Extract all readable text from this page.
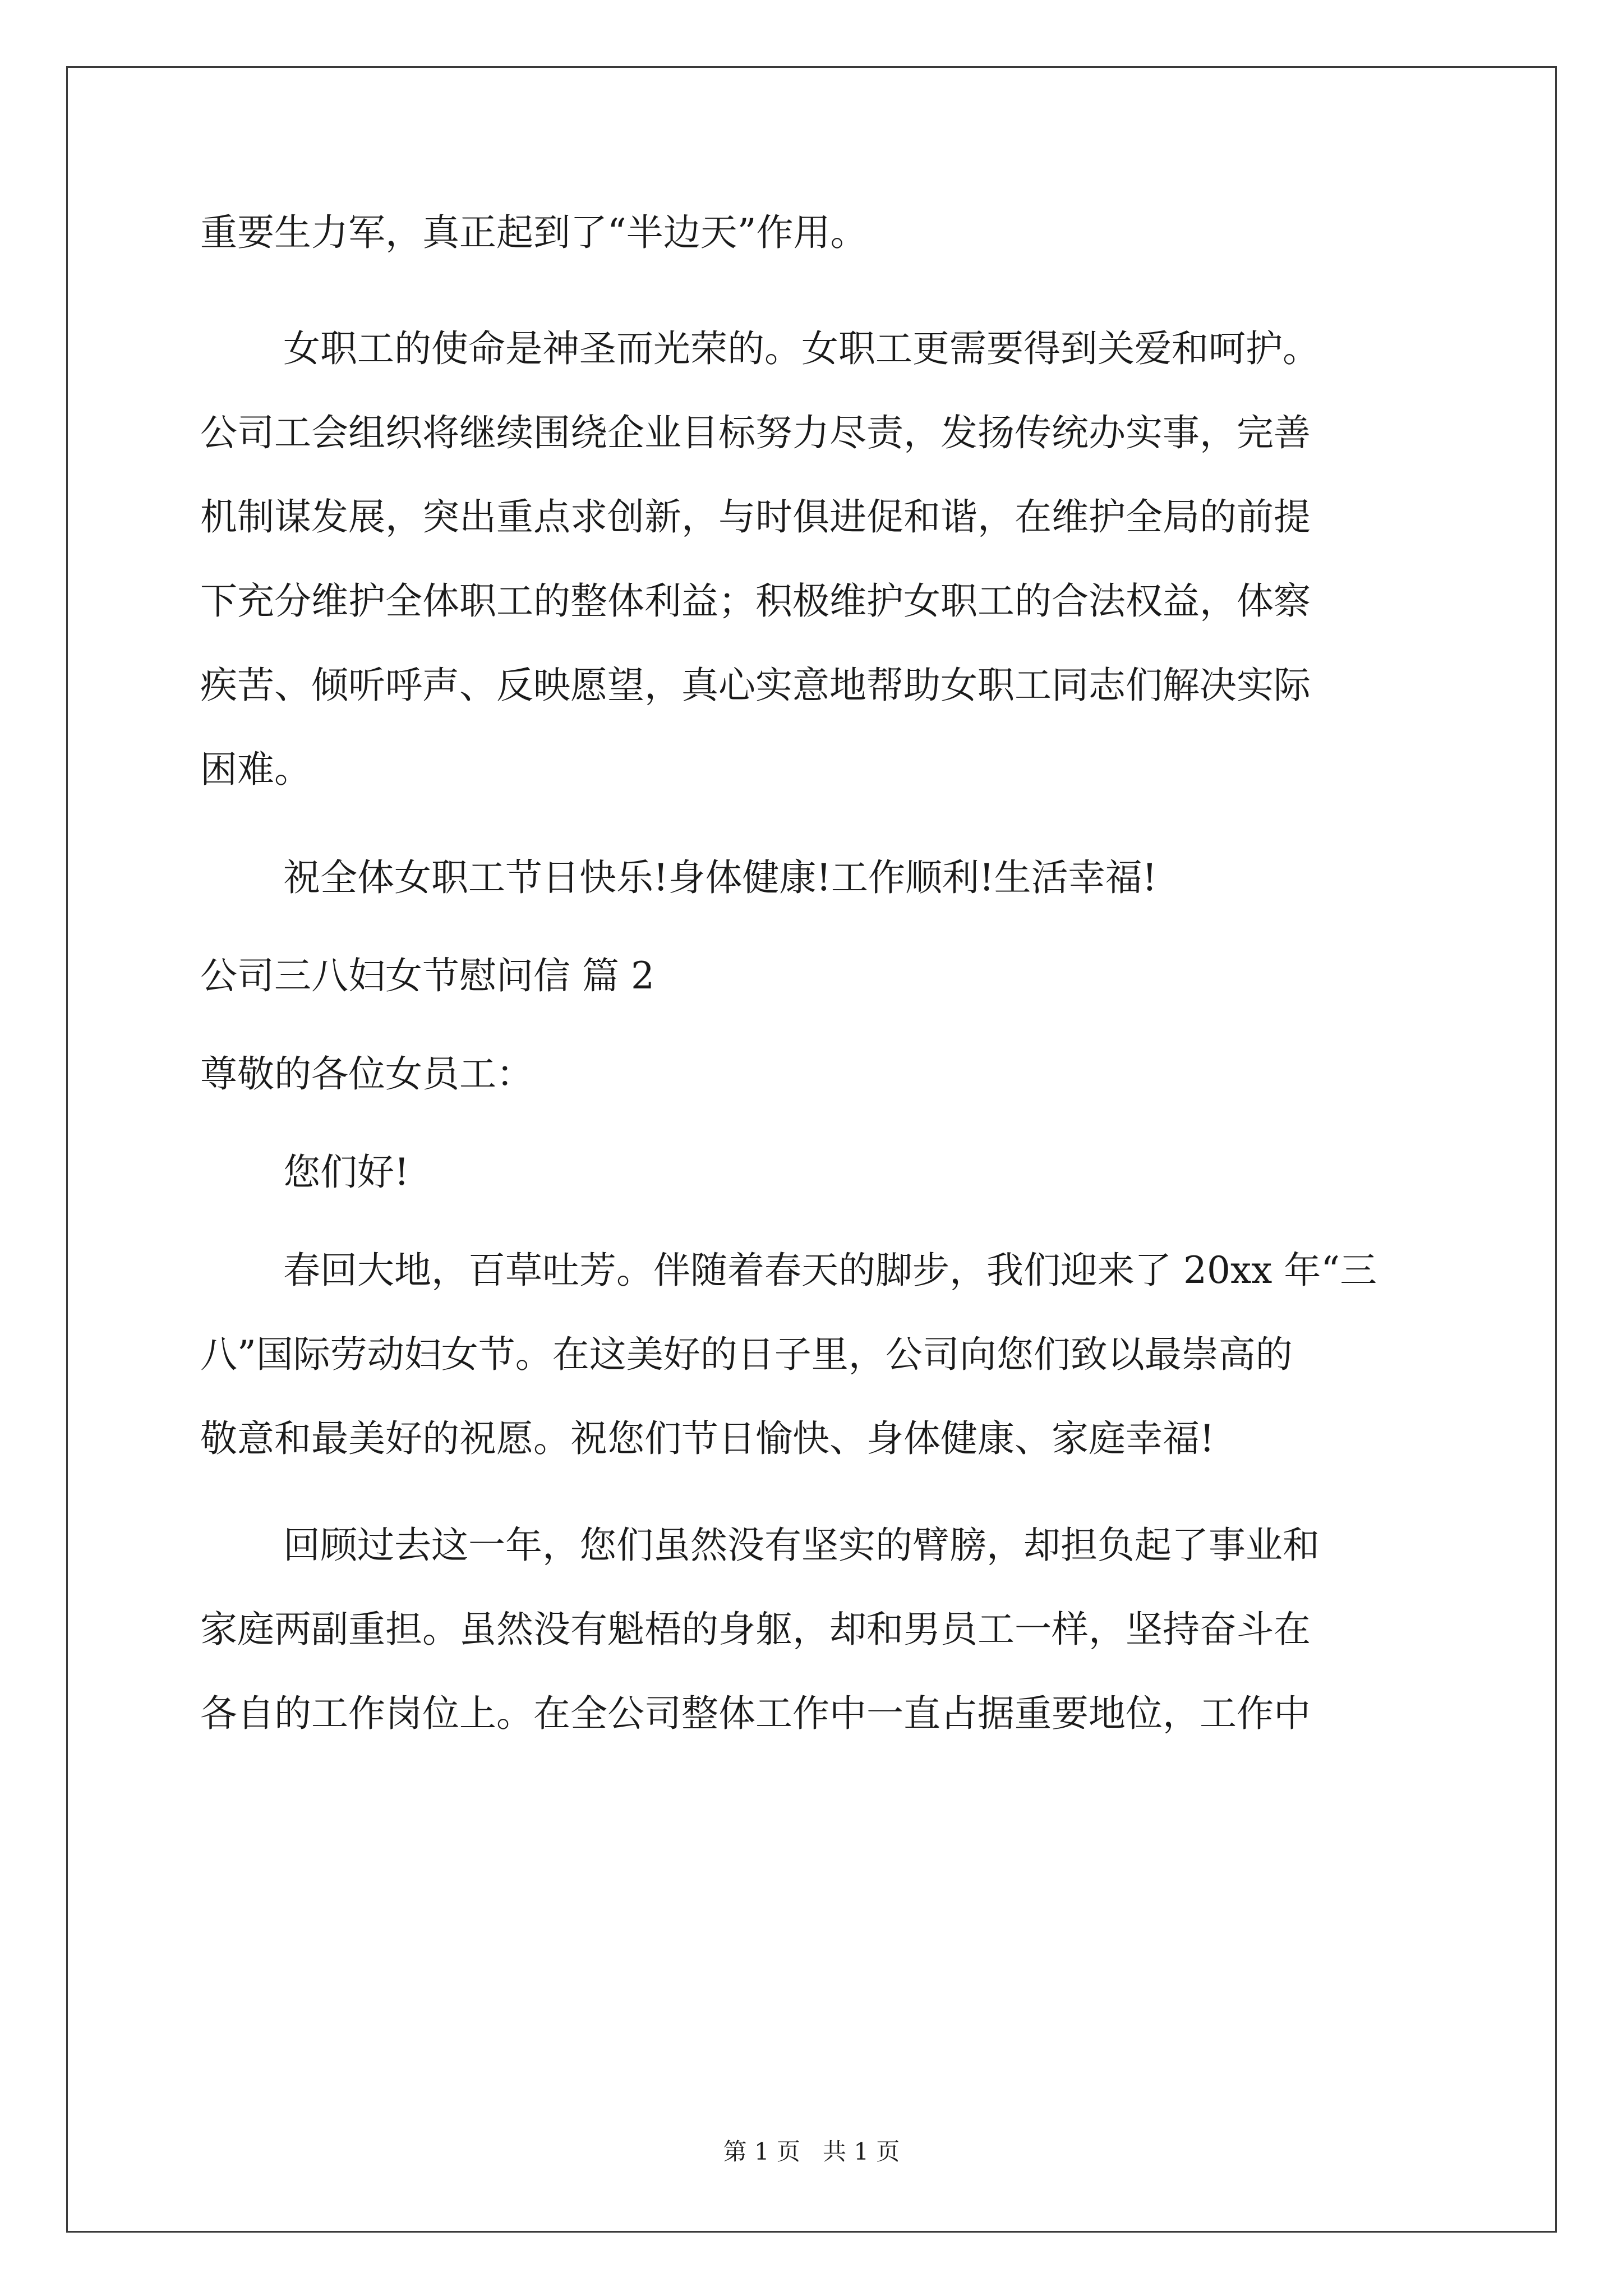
重要生力军，真正起到了“半边天”作用。
女职工的使命是神圣而光荣的。女职工更需要得到关爱和呵护。
公司工会组织将继续围绕企业目标努力尽责，发扬传统办实事，完善
机制谋发展，突出重点求创新，与时俱进促和谐，在维护全局的前提
下充分维护全体职工的整体利益；积极维护女职工的合法权益，体察
疾苦、倾听呼声、反映愿望，真心实意地帮助女职工同志们解决实际
困难。
祝全体女职工节日快乐!身体健康!工作顺利!生活幸福!
公司三八妇女节慰问信 篇 2
尊敬的各位女员工：
您们好!
春回大地，百草吐芳。伴随着春天的脚步，我们迎来了 20xx 年“三
八”国际劳动妇女节。在这美好的日子里，公司向您们致以最崇高的
敬意和最美好的祝愿。祝您们节日愉快、身体健康、家庭幸福!
回顾过去这一年，您们虽然没有坚实的臂膀，却担负起了事业和
家庭两副重担。虽然没有魁梧的身躯，却和男员工一样，坚持奋斗在
各自的工作岗位上。在全公司整体工作中一直占据重要地位，工作中
第 1 页 共 1 页
